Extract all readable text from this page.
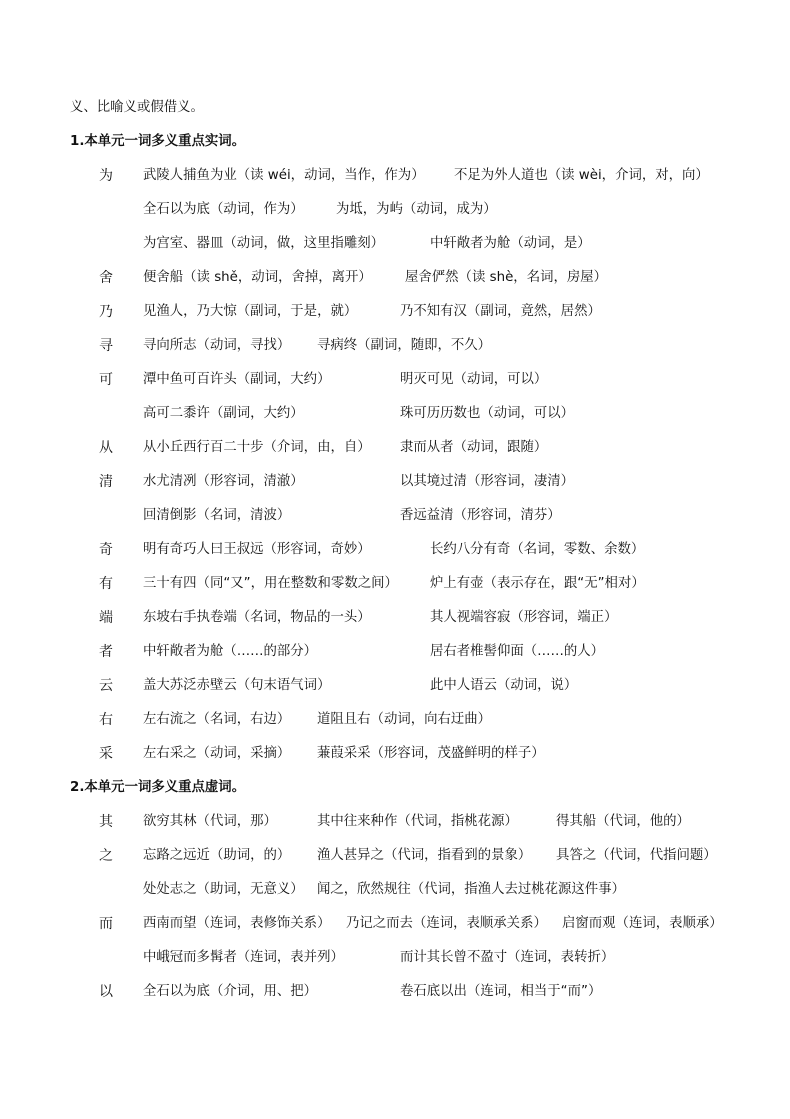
义、比喻义或假借义。
1.本单元一词多义重点实词。
为 武陵人捕鱼为业（读 wéi，动词，当作，作为） 不足为外人道也（读 wèi，介词，对，向）
全石以为底（动词，作为） 为坻，为屿（动词，成为）
为宫室、器皿（动词，做，这里指雕刻）	中轩敞者为舱（动词，是）
舍 便舍船（读 shě，动词，舍掉，离开） 屋舍俨然（读 shè，名词，房屋）
乃 见渔人，乃大惊（副词，于是，就）	乃不知有汉（副词，竟然，居然）
寻 寻向所志（动词，寻找） 寻病终（副词，随即，不久）
可 潭中鱼可百许头（副词，大约）	明灭可见（动词，可以）
高可二黍许（副词，大约）	珠可历历数也（动词，可以）
从 从小丘西行百二十步（介词，由，自） 隶而从者（动词，跟随）
清 水尤清冽（形容词，清澈）	以其境过清（形容词，凄清）
回清倒影（名词，清波）	香远益清（形容词，清芬）
奇 明有奇巧人曰王叔远（形容词，奇妙）	长约八分有奇（名词，零数、余数）
有 三十有四（同“又”，用在整数和零数之间） 炉上有壶（表示存在，跟“无”相对）
端 东坡右手执卷端（名词，物品的一头）	其人视端容寂（形容词，端正）
者 中轩敞者为舱（……的部分）	居右者椎髻仰面（……的人）
云 盖大苏泛赤壁云（句末语气词）	此中人语云（动词，说）
右 左右流之（名词，右边） 道阻且右（动词，向右迂曲）
采 左右采之（动词，采摘） 蒹葭采采（形容词，茂盛鲜明的样子）
2.本单元一词多义重点虚词。
其 欲穷其林（代词，那）	其中往来种作（代词，指桃花源）	得其船（代词，他的）
之 忘路之远近（助词，的） 渔人甚异之（代词，指看到的景象） 具答之（代词，代指问题）
处处志之（助词，无意义） 闻之，欣然规往（代词，指渔人去过桃花源这件事）
而 西南而望（连词，表修饰关系） 乃记之而去（连词，表顺承关系） 启窗而观（连词，表顺承）
中峨冠而多髯者（连词，表并列）	而计其长曾不盈寸（连词，表转折）
以 全石以为底（介词，用、把）	卷石底以出（连词，相当于“而”）
